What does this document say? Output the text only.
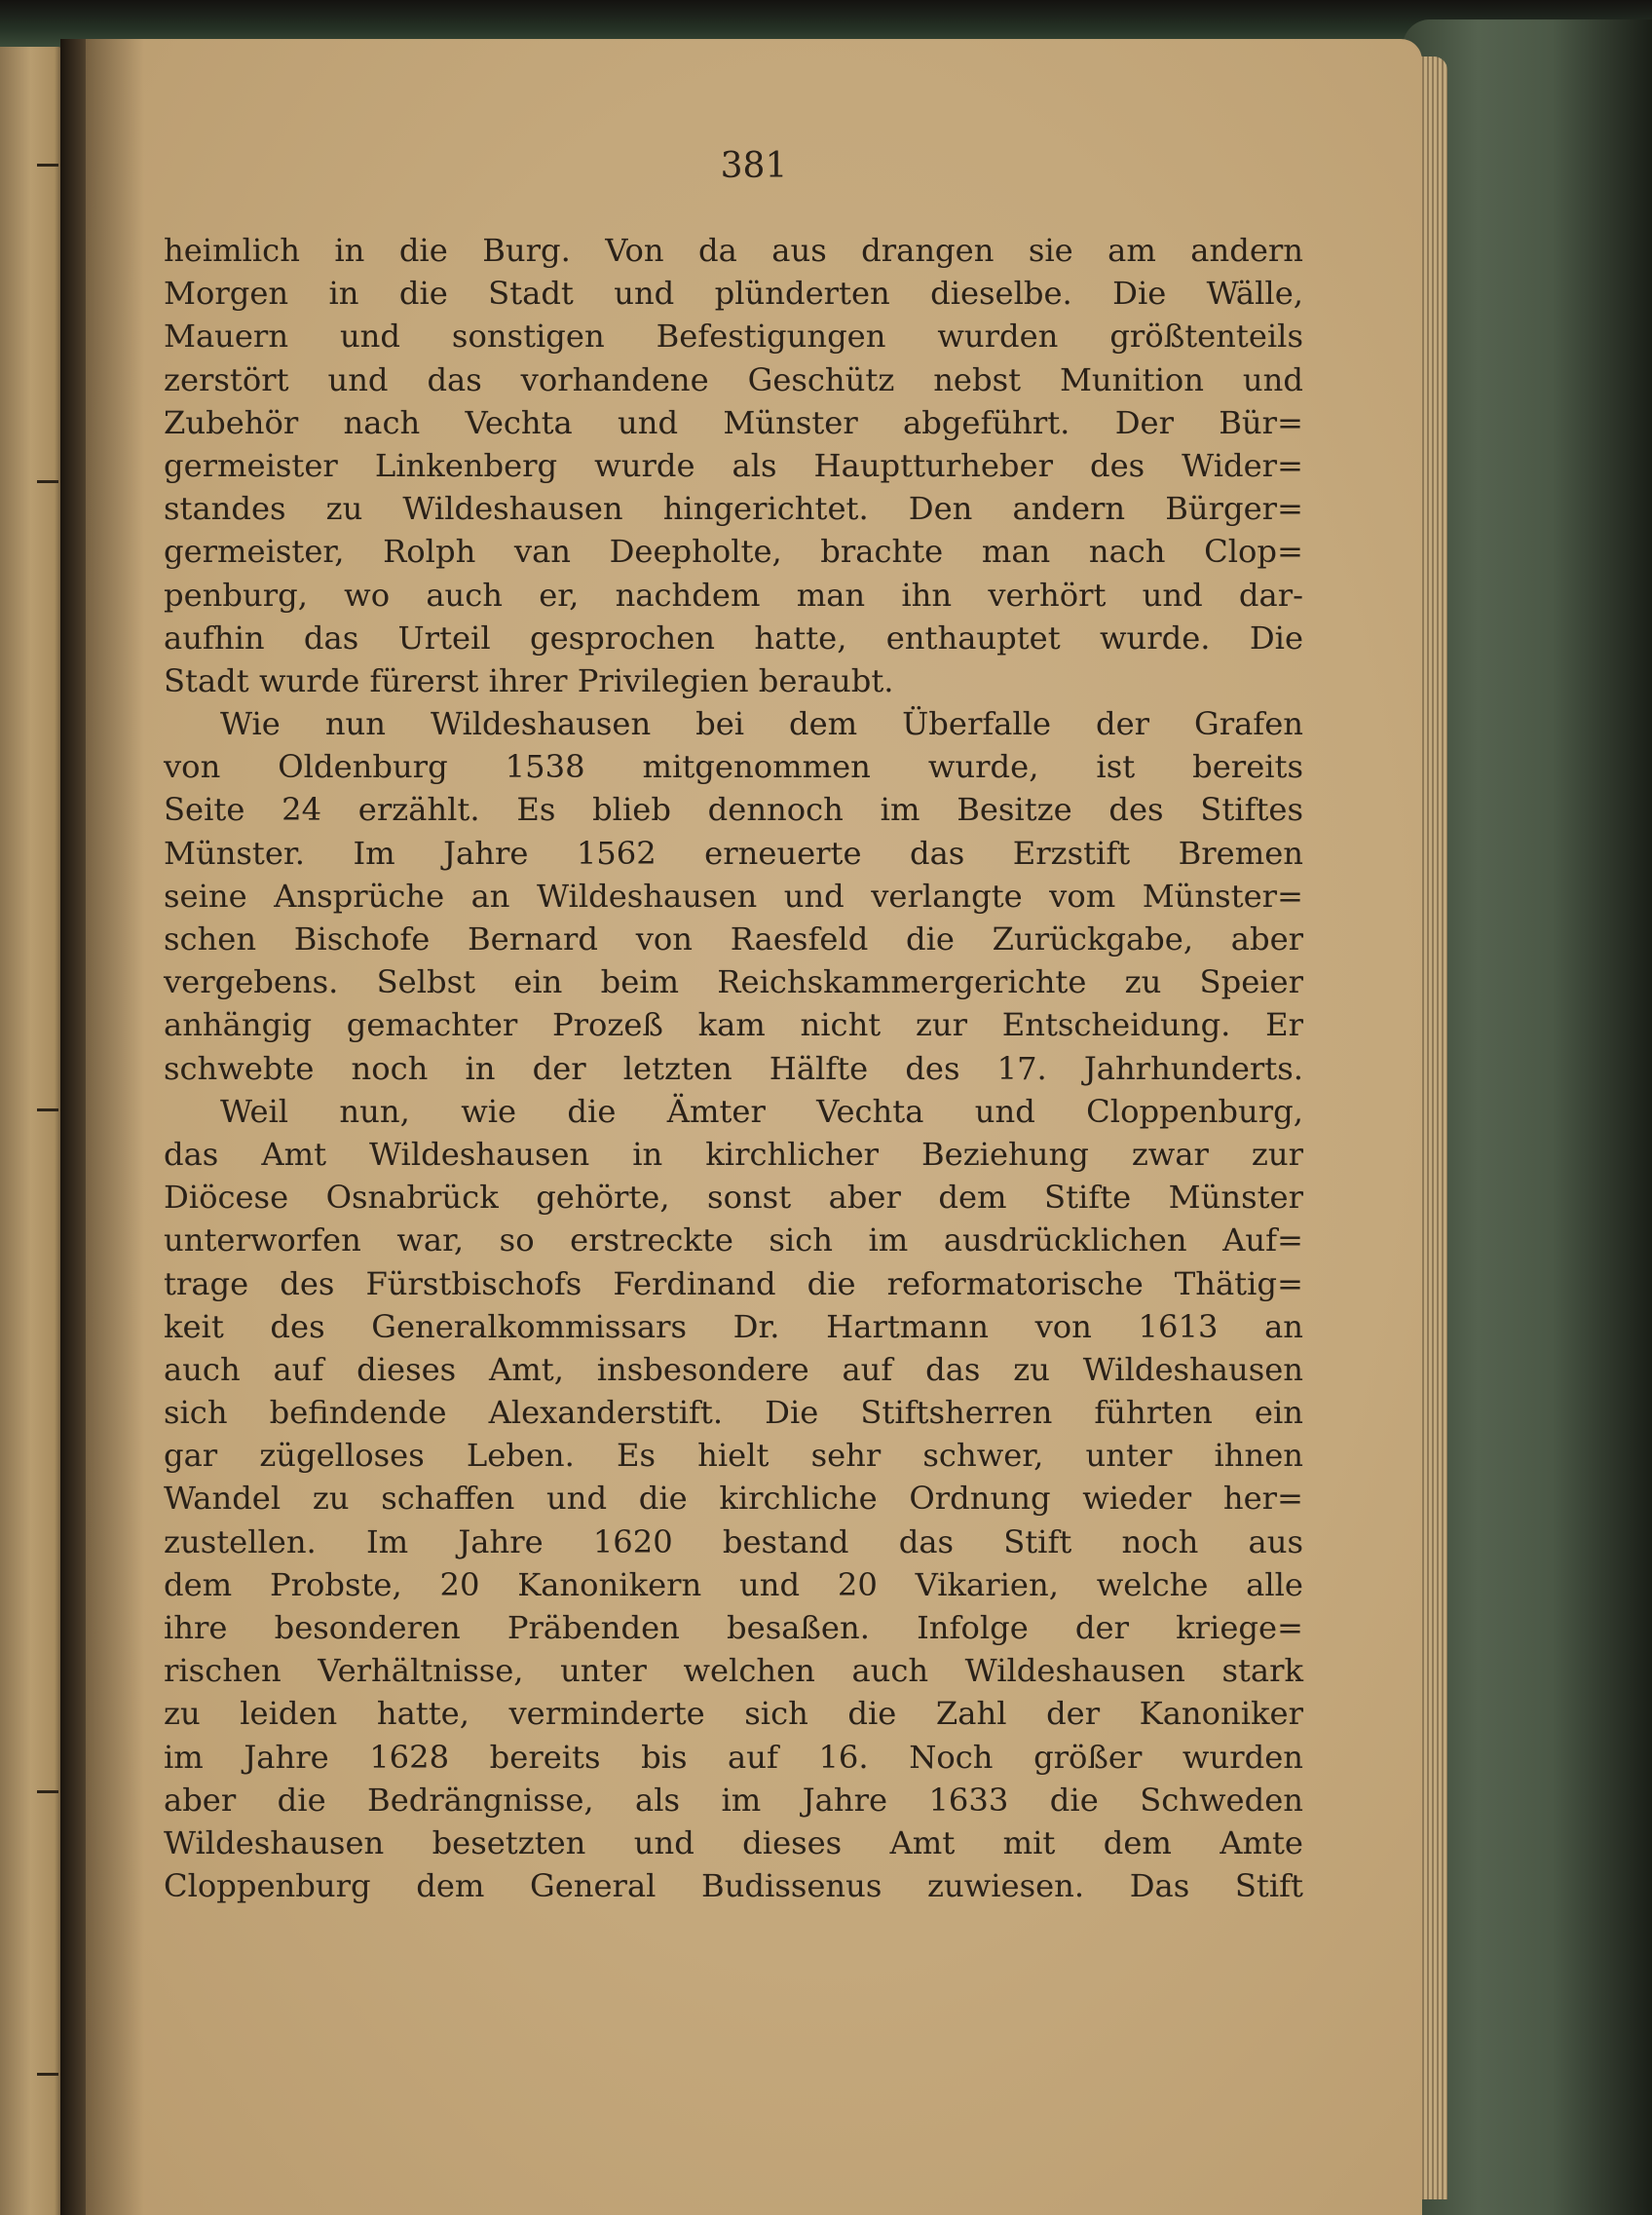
381
heimlich in die Burg. Von da aus drangen sie am andern
Morgen in die Stadt und plünderten dieselbe. Die Wälle,
Mauern und sonstigen Befestigungen wurden größtenteils
zerstört und das vorhandene Geschütz nebst Munition und
Zubehör nach Vechta und Münster abgeführt. Der Bür=
germeister Linkenberg wurde als Hauptturheber des Wider=
standes zu Wildeshausen hingerichtet. Den andern Bürger=
germeister, Rolph van Deepholte, brachte man nach Clop=
penburg, wo auch er, nachdem man ihn verhört und dar-
aufhin das Urteil gesprochen hatte, enthauptet wurde. Die
Stadt wurde fürerst ihrer Privilegien beraubt.
Wie nun Wildeshausen bei dem Überfalle der Grafen
von Oldenburg 1538 mitgenommen wurde, ist bereits
Seite 24 erzählt. Es blieb dennoch im Besitze des Stiftes
Münster. Im Jahre 1562 erneuerte das Erzstift Bremen
seine Ansprüche an Wildeshausen und verlangte vom Münster=
schen Bischofe Bernard von Raesfeld die Zurückgabe, aber
vergebens. Selbst ein beim Reichskammergerichte zu Speier
anhängig gemachter Prozeß kam nicht zur Entscheidung. Er
schwebte noch in der letzten Hälfte des 17. Jahrhunderts.
Weil nun, wie die Ämter Vechta und Cloppenburg,
das Amt Wildeshausen in kirchlicher Beziehung zwar zur
Diöcese Osnabrück gehörte, sonst aber dem Stifte Münster
unterworfen war, so erstreckte sich im ausdrücklichen Auf=
trage des Fürstbischofs Ferdinand die reformatorische Thätig=
keit des Generalkommissars Dr. Hartmann von 1613 an
auch auf dieses Amt, insbesondere auf das zu Wildeshausen
sich befindende Alexanderstift. Die Stiftsherren führten ein
gar zügelloses Leben. Es hielt sehr schwer, unter ihnen
Wandel zu schaffen und die kirchliche Ordnung wieder her=
zustellen. Im Jahre 1620 bestand das Stift noch aus
dem Probste, 20 Kanonikern und 20 Vikarien, welche alle
ihre besonderen Präbenden besaßen. Infolge der kriege=
rischen Verhältnisse, unter welchen auch Wildeshausen stark
zu leiden hatte, verminderte sich die Zahl der Kanoniker
im Jahre 1628 bereits bis auf 16. Noch größer wurden
aber die Bedrängnisse, als im Jahre 1633 die Schweden
Wildeshausen besetzten und dieses Amt mit dem Amte
Cloppenburg dem General Budissenus zuwiesen. Das Stift
